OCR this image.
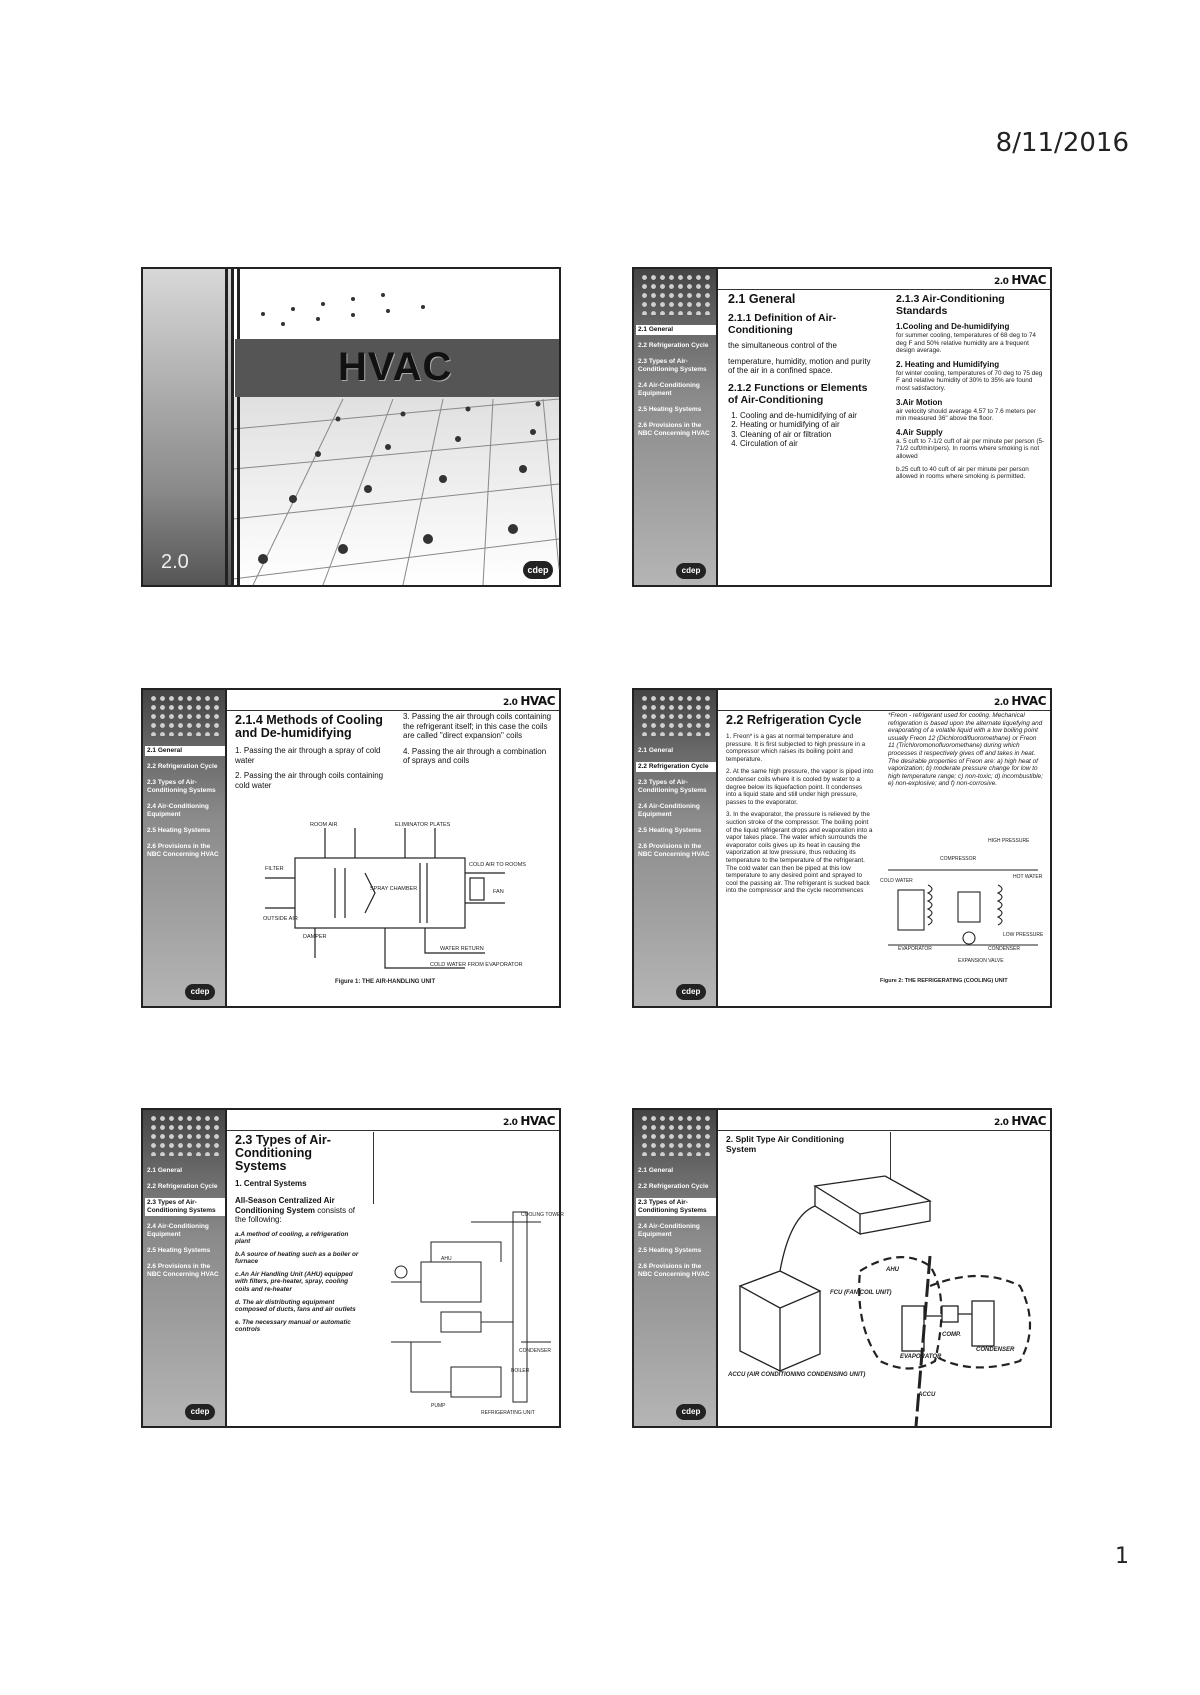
8/11/2016
HVAC
2.0	cdep
2.1 General
2.2 Refrigeration Cycle
2.3 Types of Air-Conditioning Systems
2.4 Air-Conditioning Equipment
2.5 Heating Systems
2.6 Provisions in the NBC Concerning HVAC
cdep
2.0 HVAC
2.1 General
2.1.1 Definition of Air-Conditioning
the simultaneous control of the
temperature, humidity, motion and purity of the air in a confined space.
2.1.2 Functions or Elements of Air-Conditioning
1. Cooling and de-humidifying of air
2. Heating or humidifying of air
3. Cleaning of air or filtration
4. Circulation of air
2.1.3 Air-Conditioning Standards
1.Cooling and De-humidifying
for summer cooling, temperatures of 68 deg to 74 deg F and 50% relative humidity are a frequent design average.
2. Heating and Humidifying
for winter cooling, temperatures of 70 deg to 75 deg F and relative humidity of 30% to 35% are found most satisfactory.
3.Air Motion
air velocity should average 4.57 to 7.6 meters per min measured 36" above the floor.
4.Air Supply
a. 5 cuft to 7-1/2 cuft of air per minute per person (5-71/2 cuft/min/pers). In rooms where smoking is not allowed
b.25 cuft to 40 cuft of air per minute per person allowed in rooms where smoking is permitted.
2.1 General
2.2 Refrigeration Cycle
2.3 Types of Air-Conditioning Systems
2.4 Air-Conditioning Equipment
2.5 Heating Systems
2.6 Provisions in the NBC Concerning HVAC
cdep
2.0 HVAC
2.1.4 Methods of Cooling and De-humidifying
1. Passing the air through a spray of cold water
2. Passing the air through coils containing cold water
3. Passing the air through coils containing the refrigerant itself; in this case the coils are called "direct expansion" coils
4. Passing the air through a combination of sprays and coils
ROOM AIR	ELIMINATOR PLATES
COLD AIR TO ROOMS
FILTER
SPRAY CHAMBER	FAN
OUTSIDE AIR
DAMPER
WATER RETURN
COLD WATER FROM EVAPORATOR
Figure 1: THE AIR-HANDLING UNIT
2.1 General
2.2 Refrigeration Cycle
2.3 Types of Air-Conditioning Systems
2.4 Air-Conditioning Equipment
2.5 Heating Systems
2.6 Provisions in the NBC Concerning HVAC
cdep
2.0 HVAC
2.2 Refrigeration Cycle
1. Freon* is a gas at normal temperature and pressure. It is first subjected to high pressure in a compressor which raises its boiling point and temperature.
2. At the same high pressure, the vapor is piped into condenser coils where it is cooled by water to a degree below its liquefaction point. It condenses into a liquid state and still under high pressure, passes to the evaporator.
3. In the evaporator, the pressure is relieved by the suction stroke of the compressor. The boiling point of the liquid refrigerant drops and evaporation into a vapor takes place. The water which surrounds the evaporator coils gives up its heat in causing the vaporization at low pressure, thus reducing its temperature to the temperature of the refrigerant. The cold water can then be piped at this low temperature to any desired point and sprayed to cool the passing air. The refrigerant is sucked back into the compressor and the cycle recommences
*Freon - refrigerant used for cooling. Mechanical refrigeration is based upon the alternate liquefying and evaporating of a volatile liquid with a low boiling point usually Freon 12 (Dichlorodifluoromethane) or Freon 11 (Trichloromonofluoromethane) during which processes it respectively gives off and takes in heat. The desirable properties of Freon are: a) high heat of vaporization; b) moderate pressure change for low to high temperature range; c) non-toxic; d) incombustible; e) non-explosive; and f) non-corrosive.
HIGH PRESSURE
COMPRESSOR
CONDENSER
EVAPORATOR
EXPANSION VALVE
LOW PRESSURE
HOT WATER
COLD WATER
Figure 2: THE REFRIGERATING (COOLING) UNIT
2.1 General
2.2 Refrigeration Cycle
2.3 Types of Air-Conditioning Systems
2.4 Air-Conditioning Equipment
2.5 Heating Systems
2.6 Provisions in the NBC Concerning HVAC
cdep
2.0 HVAC
2.3 Types of Air-Conditioning Systems
1. Central Systems
All-Season Centralized Air Conditioning System consists of the following:
a.A method of cooling, a refrigeration plant
b.A source of heating such as a boiler or furnace
c.An Air Handling Unit (AHU) equipped with filters, pre-heater, spray, cooling coils and re-heater
d. The air distributing equipment composed of ducts, fans and air outlets
e. The necessary manual or automatic controls
COOLING TOWER
AHU
BOILER
REFRIGERATING UNIT
PUMP
CONDENSER
2.1 General
2.2 Refrigeration Cycle
2.3 Types of Air-Conditioning Systems
2.4 Air-Conditioning Equipment
2.5 Heating Systems
2.6 Provisions in the NBC Concerning HVAC
cdep
2.0 HVAC
2. Split Type Air Conditioning System
AHU
FCU (FAN COIL UNIT)
COMP.
CONDENSER
EVAPORATOR
ACCU (AIR CONDITIONING CONDENSING UNIT)
ACCU
1
